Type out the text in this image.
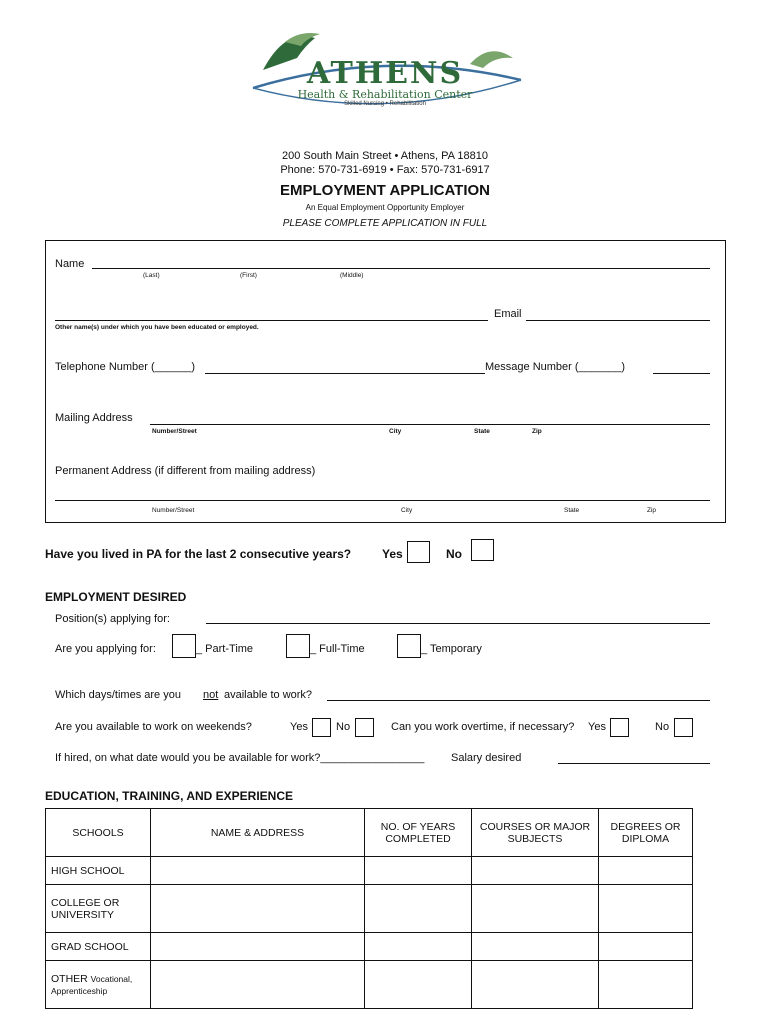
ATHENS
Health & Rehabilitation Center
Skilled Nursing • Rehabilitation
200 South Main Street • Athens, PA 18810
Phone: 570-731-6919 • Fax: 570-731-6917
EMPLOYMENT APPLICATION
An Equal Employment Opportunity Employer
PLEASE COMPLETE APPLICATION IN FULL
Name
(Last)	(First)	(Middle)
Email
Other name(s) under which you have been educated or employed.
Telephone Number (______)	Message Number (_______)
Mailing Address
Number/Street	City	State	Zip
Permanent Address (if different from mailing address)
Number/Street	City	State	Zip
Have you lived in PA for the last 2 consecutive years?	Yes	No
EMPLOYMENT DESIRED
Position(s) applying for:
Are you applying for:	_ Part-Time	_ Full-Time	_ Temporary
Which days/times are you not available to work?
Are you available to work on weekends?	Yes	No	Can you work overtime, if necessary? Yes	No
If hired, on what date would you be available for work?_________________ Salary desired
EDUCATION, TRAINING, AND EXPERIENCE
SCHOOLS	NAME & ADDRESS	NO. OF YEARS COMPLETED	COURSES OR MAJOR SUBJECTS	DEGREES OR DIPLOMA
HIGH SCHOOL				
COLLEGE OR UNIVERSITY				
GRAD SCHOOL				
OTHER Vocational, Apprenticeship				
